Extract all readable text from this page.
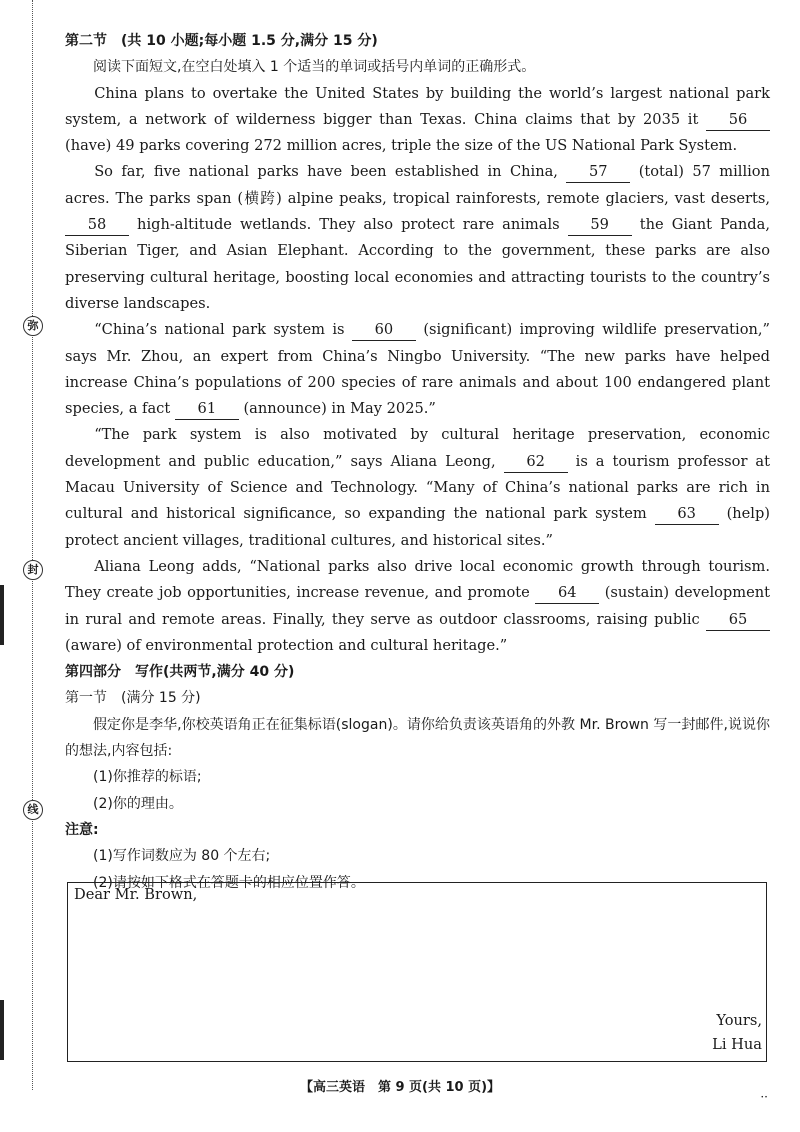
弥
封
线

第二节　(共 10 小题;每小题 1.5 分,满分 15 分)

阅读下面短文,在空白处填入 1 个适当的单词或括号内单词的正确形式。

China plans to overtake the United States by building the world’s largest national park system, a network of wilderness bigger than Texas. China claims that by 2035 it 56 (have) 49 parks covering 272 million acres, triple the size of the US National Park System.

So far, five national parks have been established in China, 57 (total) 57 million acres. The parks span (横跨) alpine peaks, tropical rainforests, remote glaciers, vast deserts, 58 high-altitude wetlands. They also protect rare animals 59 the Giant Panda, Siberian Tiger, and Asian Elephant. According to the government, these parks are also preserving cultural heritage, boosting local economies and attracting tourists to the country’s diverse landscapes.

“China’s national park system is 60 (significant) improving wildlife preservation,” says Mr. Zhou, an expert from China’s Ningbo University. “The new parks have helped increase China’s populations of 200 species of rare animals and about 100 endangered plant species, a fact 61 (announce) in May 2025.”

“The park system is also motivated by cultural heritage preservation, economic development and public education,” says Aliana Leong, 62 is a tourism professor at Macau University of Science and Technology. “Many of China’s national parks are rich in cultural and historical significance, so expanding the national park system 63 (help) protect ancient villages, traditional cultures, and historical sites.”

Aliana Leong adds, “National parks also drive local economic growth through tourism. They create job opportunities, increase revenue, and promote 64 (sustain) development in rural and remote areas. Finally, they serve as outdoor classrooms, raising public 65 (aware) of environmental protection and cultural heritage.”

第四部分　写作(共两节,满分 40 分)

第一节　(满分 15 分)

假定你是李华,你校英语角正在征集标语(slogan)。请你给负责该英语角的外教 Mr. Brown 写一封邮件,说说你的想法,内容包括:

(1)你推荐的标语;

(2)你的理由。

注意:

(1)写作词数应为 80 个左右;

(2)请按如下格式在答题卡的相应位置作答。

Dear Mr. Brown,
Yours,
Li Hua
【高三英语　第 9 页(共 10 页)】
··
